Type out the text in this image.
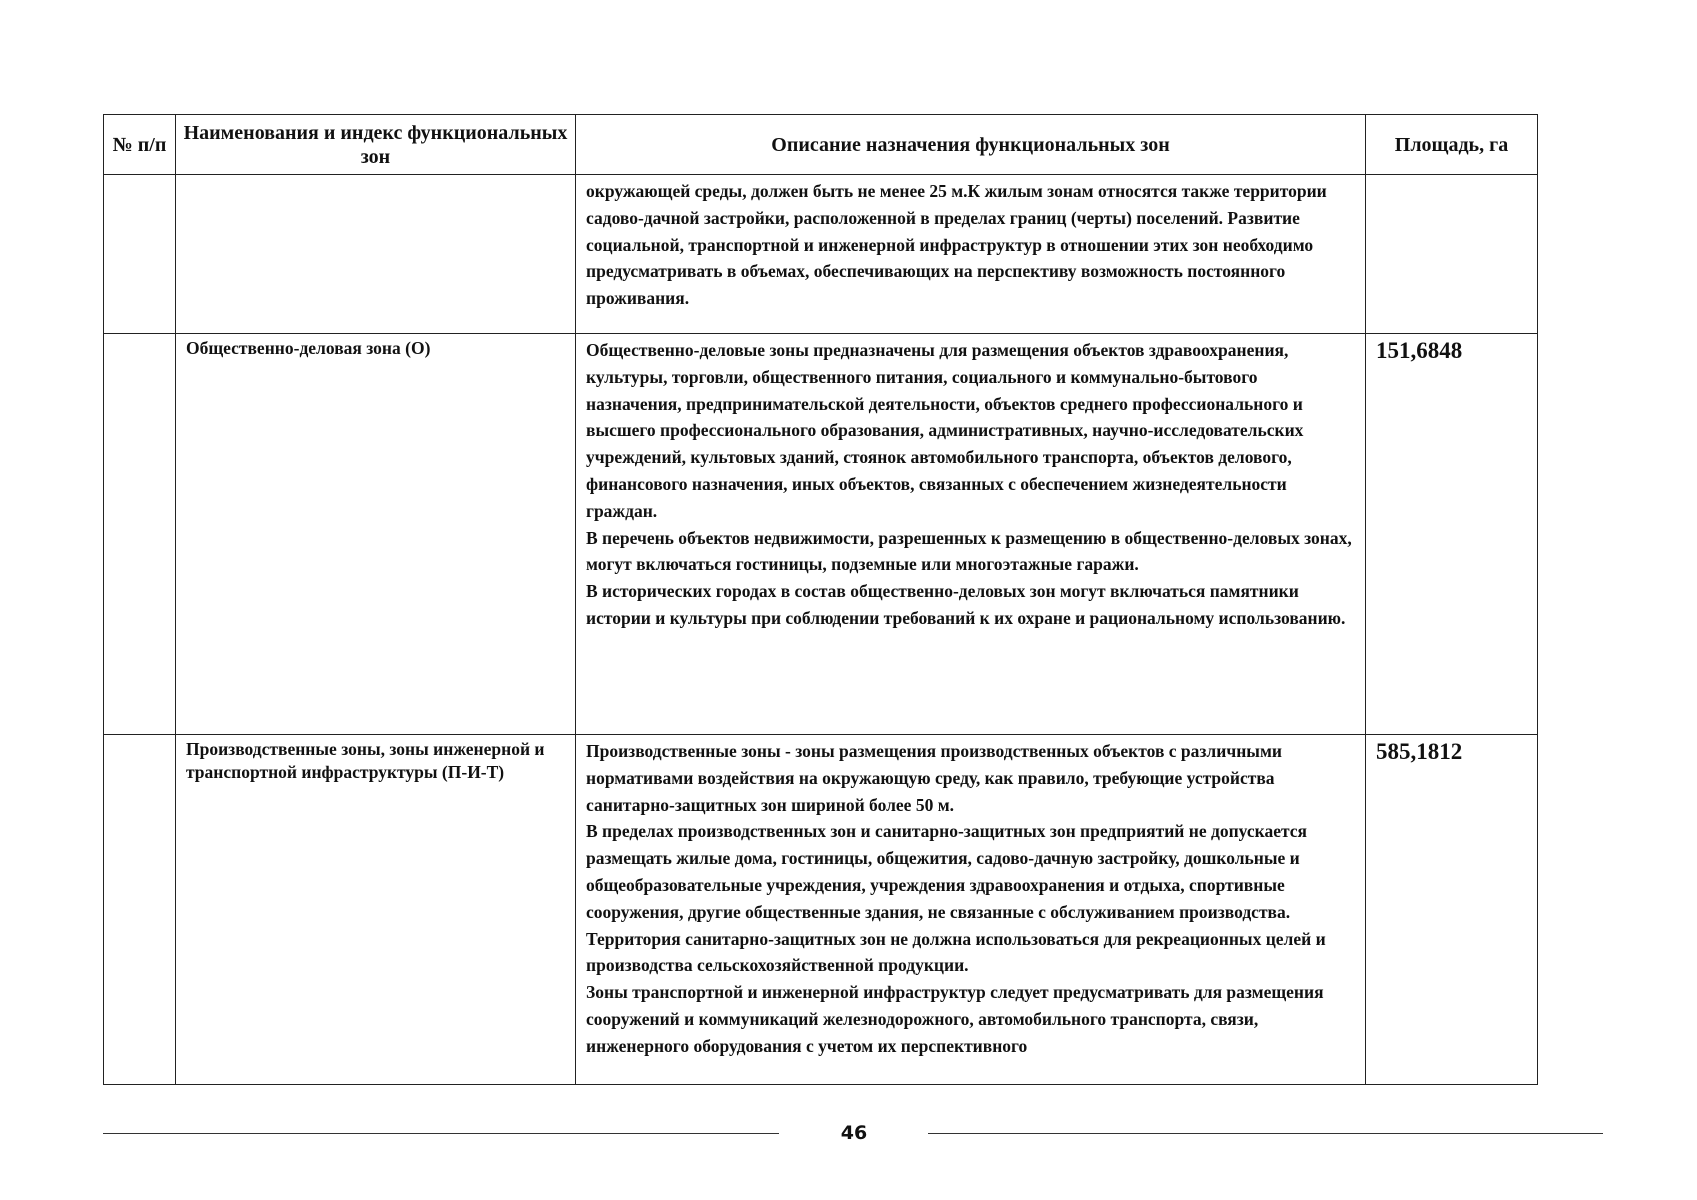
№ п/п	Наименования и индекс функциональных зон	Описание назначения функциональных зон	Площадь, га

		окружающей среды, должен быть не менее 25 м.К жилым зонам относятся также территории садово-дачной застройки, расположенной в пределах границ (черты) поселений. Развитие социальной, транспортной и инженерной инфраструктур в отношении этих зон необходимо предусматривать в объемах, обеспечивающих на перспективу возможность постоянного проживания.	

	Общественно-деловая зона (О)	Общественно-деловые зоны предназначены для размещения объектов здравоохранения, культуры, торговли, общественного питания, социального и коммунально-бытового назначения, предпринимательской деятельности, объектов среднего профессионального и высшего профессионального образования, административных, научно-исследовательских учреждений, культовых зданий, стоянок автомобильного транспорта, объектов делового, финансового назначения, иных объектов, связанных с обеспечением жизнедеятельности граждан.
В перечень объектов недвижимости, разрешенных к размещению в общественно-деловых зонах, могут включаться гостиницы, подземные или многоэтажные гаражи.
В исторических городах в состав общественно-деловых зон могут включаться памятники истории и культуры при соблюдении требований к их охране и рациональному использованию.	151,6848
	Производственные зоны, зоны инженерной и транспортной инфраструктуры (П-И-Т)	Производственные зоны - зоны размещения производственных объектов с различными нормативами воздействия на окружающую среду, как правило, требующие устройства санитарно-защитных зон шириной более 50 м.
В пределах производственных зон и санитарно-защитных зон предприятий не допускается размещать жилые дома, гостиницы, общежития, садово-дачную застройку, дошкольные и общеобразовательные учреждения, учреждения здравоохранения и отдыха, спортивные сооружения, другие общественные здания, не связанные с обслуживанием производства. Территория санитарно-защитных зон не должна использоваться для рекреационных целей и производства сельскохозяйственной продукции.
Зоны транспортной и инженерной инфраструктур следует предусматривать для размещения сооружений и коммуникаций железнодорожного, автомобильного транспорта, связи, инженерного оборудования с учетом их перспективного	585,1812
46
